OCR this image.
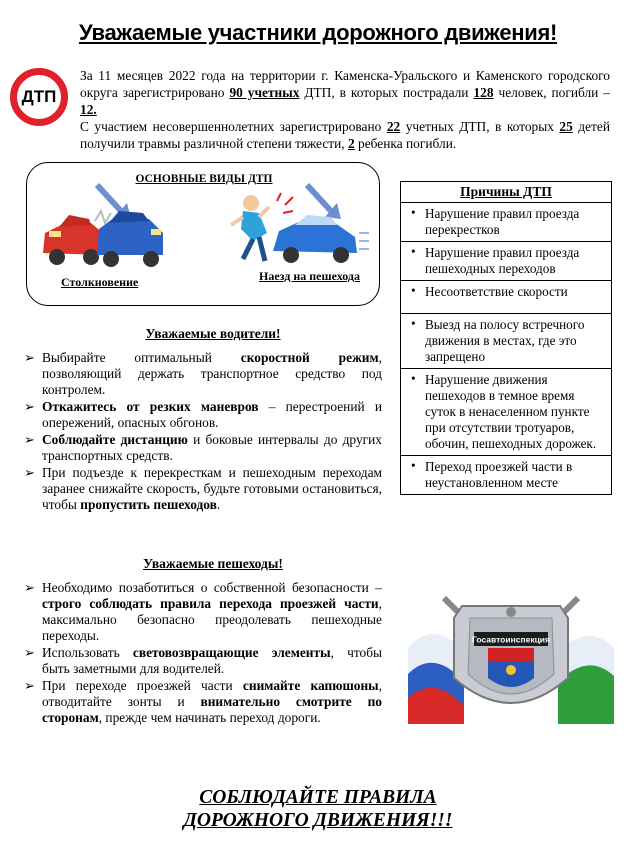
Уважаемые участники дорожного движения!
ДТП
За 11 месяцев 2022 года на территории г. Каменска-Уральского и Каменского городского округа зарегистрировано 90 учетных ДТП, в которых пострадали 128 человек, погибли – 12.
С участием несовершеннолетних зарегистрировано 22 учетных ДТП, в которых 25 детей получили травмы различной степени тяжести, 2 ребенка погибли.
ОСНОВНЫЕ ВИДЫ ДТП
Столкновение	Наезд на пешехода
Причины ДТП
• Нарушение правил проезда перекрестков
• Нарушение правил проезда пешеходных переходов
• Несоответствие скорости
• Выезд на полосу встречного движения в местах, где это запрещено
• Нарушение движения пешеходов в темное время суток в ненаселенном пункте при отсутствии тротуаров, обочин, пешеходных дорожек.
• Переход проезжей части в неустановленном месте
Уважаемые водители!
➢ Выбирайте оптимальный скоростной режим, позволяющий держать транспортное средство под контролем.
➢ Откажитесь от резких маневров – перестроений и опережений, опасных обгонов.
➢ Соблюдайте дистанцию и боковые интервалы до других транспортных средств.
➢ При подъезде к перекресткам и пешеходным переходам заранее снижайте скорость, будьте готовыми остановиться, чтобы пропустить пешеходов.
Уважаемые пешеходы!
➢ Необходимо позаботиться о собственной безопасности – строго соблюдать правила перехода проезжей части, максимально безопасно преодолевать пешеходные переходы.
➢ Использовать световозвращающие элементы, чтобы быть заметными для водителей.
➢ При переходе проезжей части снимайте капюшоны, отводитайте зонты и внимательно смотрите по сторонам, прежде чем начинать переход дороги.
Госавтоинспекция
СОБЛЮДАЙТЕ ПРАВИЛА
ДОРОЖНОГО ДВИЖЕНИЯ!!!
